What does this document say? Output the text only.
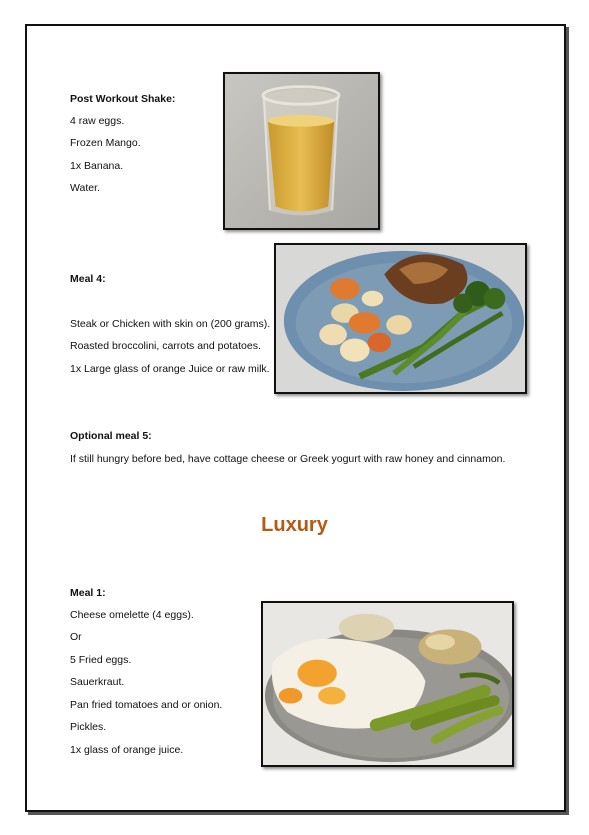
Post Workout Shake:
4 raw eggs.
Frozen Mango.
1x Banana.
Water.
Meal 4:
Steak or Chicken with skin on (200 grams).
Roasted broccolini, carrots and potatoes.
1x Large glass of orange Juice or raw milk.
Optional meal 5:
If still hungry before bed, have cottage cheese or Greek yogurt with raw honey and cinnamon.
Luxury
Meal 1:
Cheese omelette (4 eggs).
Or
5 Fried eggs.
Sauerkraut.
Pan fried tomatoes and or onion.
Pickles.
1x glass of orange juice.
